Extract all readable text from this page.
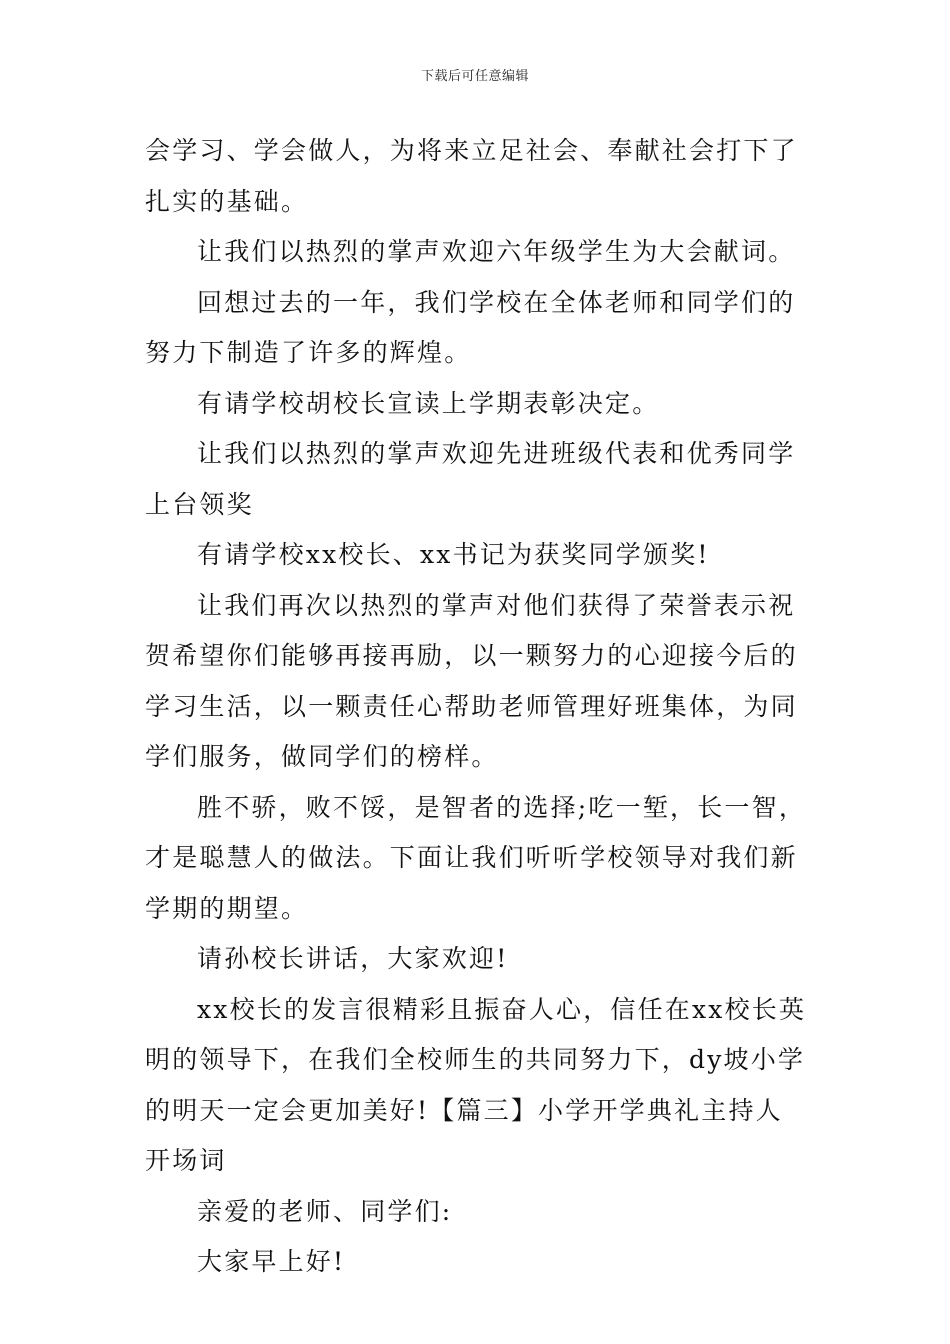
下载后可任意编辑

会学习、学会做人，为将来立足社会、奉献社会打下了扎实的基础。

让我们以热烈的掌声欢迎六年级学生为大会献词。

回想过去的一年，我们学校在全体老师和同学们的努力下制造了许多的辉煌。

有请学校胡校长宣读上学期表彰决定。

让我们以热烈的掌声欢迎先进班级代表和优秀同学上台领奖

有请学校xx校长、xx书记为获奖同学颁奖!

让我们再次以热烈的掌声对他们获得了荣誉表示祝贺希望你们能够再接再励，以一颗努力的心迎接今后的学习生活，以一颗责任心帮助老师管理好班集体，为同学们服务，做同学们的榜样。

胜不骄，败不馁，是智者的选择;吃一堑，长一智，才是聪慧人的做法。下面让我们听听学校领导对我们新学期的期望。

请孙校长讲话，大家欢迎!

xx校长的发言很精彩且振奋人心，信任在xx校长英明的领导下，在我们全校师生的共同努力下，dy坡小学的明天一定会更加美好!【篇三】小学开学典礼主持人开场词

亲爱的老师、同学们:

大家早上好!
